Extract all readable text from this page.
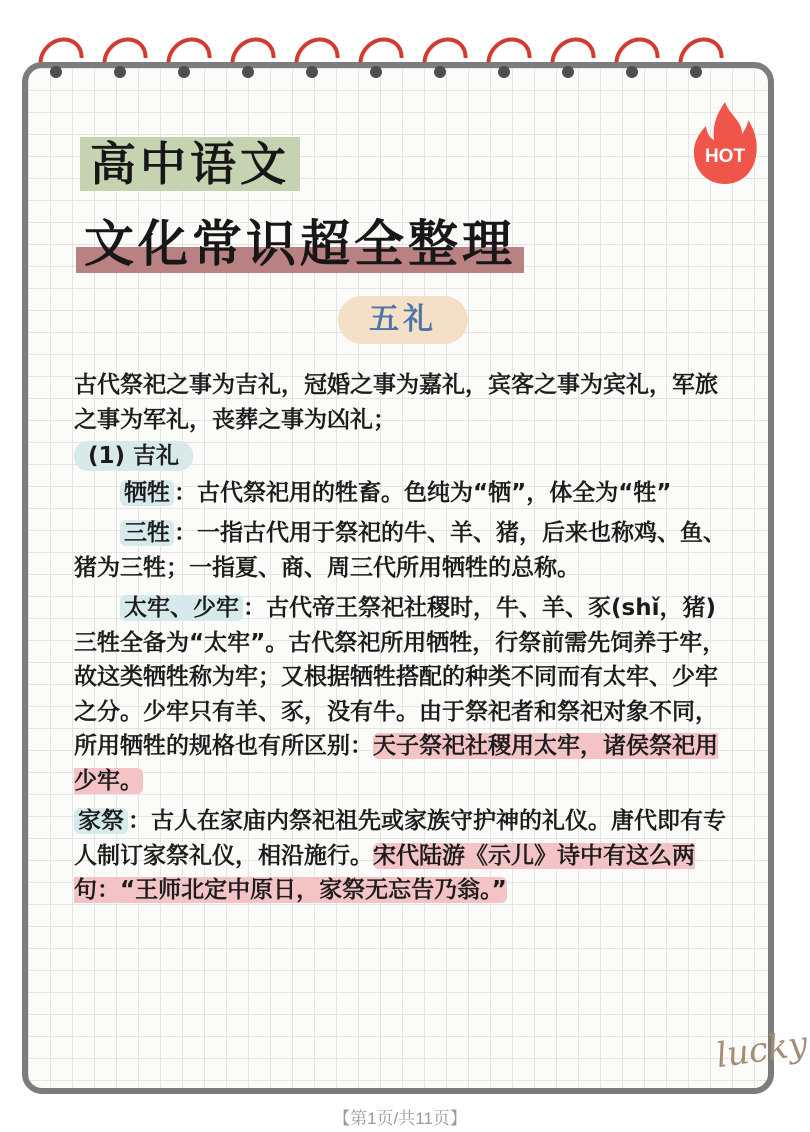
HOT
高中语文
文化常识超全整理
五礼

古代祭祀之事为吉礼，冠婚之事为嘉礼，宾客之事为宾礼，军旅之事为军礼，丧葬之事为凶礼；

(1) 吉礼

牺牲 ：古代祭祀用的牲畜。色纯为“牺”，体全为“牲”

三牲 ：一指古代用于祭祀的牛、羊、猪，后来也称鸡、鱼、猪为三牲；一指夏、商、周三代所用牺牲的总称。

太牢、少牢 ：古代帝王祭祀社稷时，牛、羊、豕(shǐ，猪)三牲全备为“太牢”。古代祭祀所用牺牲，行祭前需先饲养于牢，故这类牺牲称为牢；又根据牺牲搭配的种类不同而有太牢、少牢之分。少牢只有羊、豕，没有牛。由于祭祀者和祭祀对象不同，所用牺牲的规格也有所区别：天子祭祀社稷用太牢，诸侯祭祀用少牢。

家祭 ：古人在家庙内祭祀祖先或家族守护神的礼仪。唐代即有专人制订家祭礼仪，相沿施行。宋代陆游《示儿》诗中有这么两句：“王师北定中原日，家祭无忘告乃翁。”

lucky
【第1页/共11页】
